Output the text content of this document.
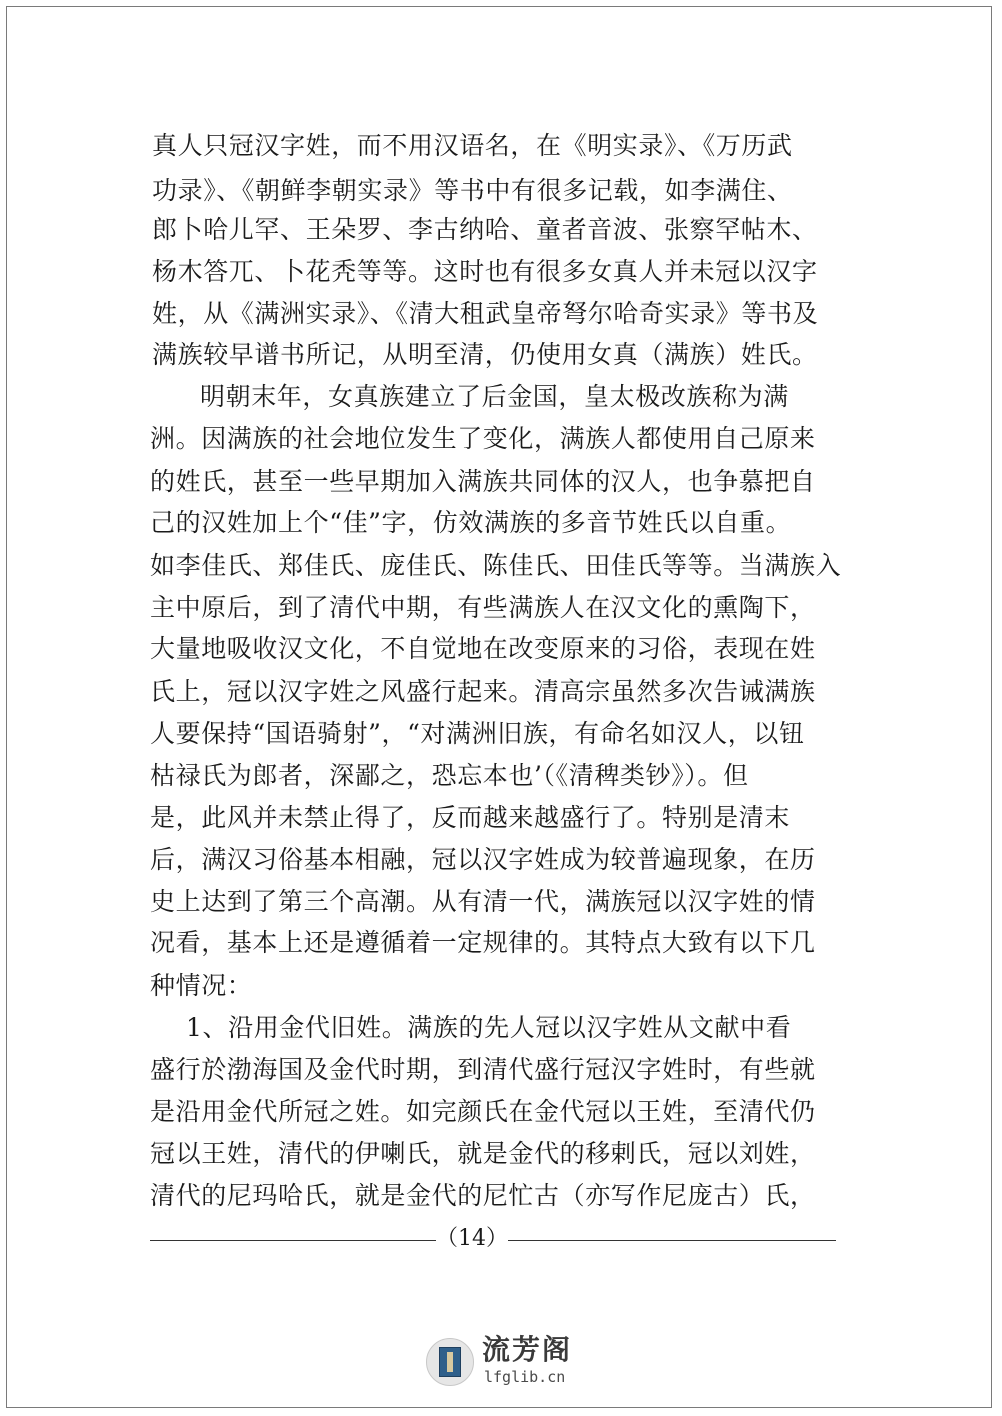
真人只冠汉字姓，而不用汉语名，在《明实录》、《万历武
功录》、《朝鲜李朝实录》等书中有很多记载，如李满住、
郎卜哈儿罕、王朵罗、李古纳哈、童者音波、张察罕帖木、
杨木答兀、卜花秃等等。这时也有很多女真人并未冠以汉字
姓，从《满洲实录》、《清大租武皇帝弩尔哈奇实录》等书及
满族较早谱书所记，从明至清，仍使用女真（满族）姓氏。
明朝末年，女真族建立了后金国，皇太极改族称为满
洲。因满族的社会地位发生了变化，满族人都使用自己原来
的姓氏，甚至一些早期加入满族共同体的汉人，也争慕把自
己的汉姓加上个“佳”字，仿效满族的多音节姓氏以自重。
如李佳氏、郑佳氏、庞佳氏、陈佳氏、田佳氏等等。当满族入
主中原后，到了清代中期，有些满族人在汉文化的熏陶下，
大量地吸收汉文化，不自觉地在改变原来的习俗，表现在姓
氏上，冠以汉字姓之风盛行起来。清高宗虽然多次告诫满族
人要保持“国语骑射”，“对满洲旧族，有命名如汉人，以钮
枯禄氏为郎者，深鄙之，恐忘本也’（《清稗类钞》）。但
是，此风并未禁止得了，反而越来越盛行了。特别是清末
后，满汉习俗基本相融，冠以汉字姓成为较普遍现象，在历
史上达到了第三个高潮。从有清一代，满族冠以汉字姓的情
况看，基本上还是遵循着一定规律的。其特点大致有以下几
种情况：
1、沿用金代旧姓。满族的先人冠以汉字姓从文献中看
盛行於渤海国及金代时期，到清代盛行冠汉字姓时，有些就
是沿用金代所冠之姓。如完颜氏在金代冠以王姓，至清代仍
冠以王姓，清代的伊喇氏，就是金代的移剌氏，冠以刘姓，
清代的尼玛哈氏，就是金代的尼忙古（亦写作尼庞古）氏，
（14）
流芳阁
lfglib.cn
